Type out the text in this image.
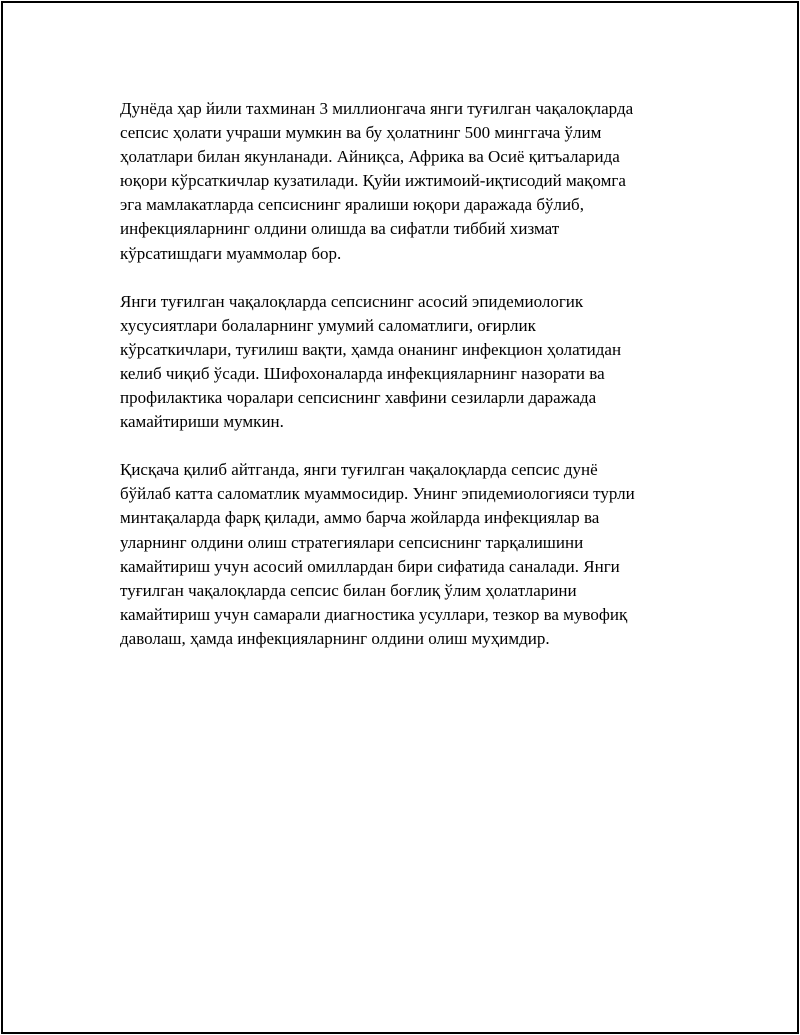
Дунёда ҳар йили тахминан 3 миллионгача янги туғилган чақалоқларда
сепсис ҳолати учраши мумкин ва бу ҳолатнинг 500 минггача ўлим
ҳолатлари билан якунланади. Айниқса, Африка ва Осиё қитъаларида
юқори кўрсаткичлар кузатилади. Қуйи ижтимоий-иқтисодий мақомга
эга мамлакатларда сепсиснинг яралиши юқори даражада бўлиб,
инфекцияларнинг олдини олишда ва сифатли тиббий хизмат
кўрсатишдаги муаммолар бор.

Янги туғилган чақалоқларда сепсиснинг асосий эпидемиологик
хусусиятлари болаларнинг умумий саломатлиги, оғирлик
кўрсаткичлари, туғилиш вақти, ҳамда онанинг инфекцион ҳолатидан
келиб чиқиб ўсади. Шифохоналарда инфекцияларнинг назорати ва
профилактика чоралари сепсиснинг хавфини сезиларли даражада
камайтириши мумкин.

Қисқача қилиб айтганда, янги туғилган чақалоқларда сепсис дунё
бўйлаб катта саломатлик муаммосидир. Унинг эпидемиологияси турли
минтақаларда фарқ қилади, аммо барча жойларда инфекциялар ва
уларнинг олдини олиш стратегиялари сепсиснинг тарқалишини
камайтириш учун асосий омиллардан бири сифатида саналади. Янги
туғилган чақалоқларда сепсис билан боғлиқ ўлим ҳолатларини
камайтириш учун самарали диагностика усуллари, тезкор ва мувофиқ
даволаш, ҳамда инфекцияларнинг олдини олиш муҳимдир.
